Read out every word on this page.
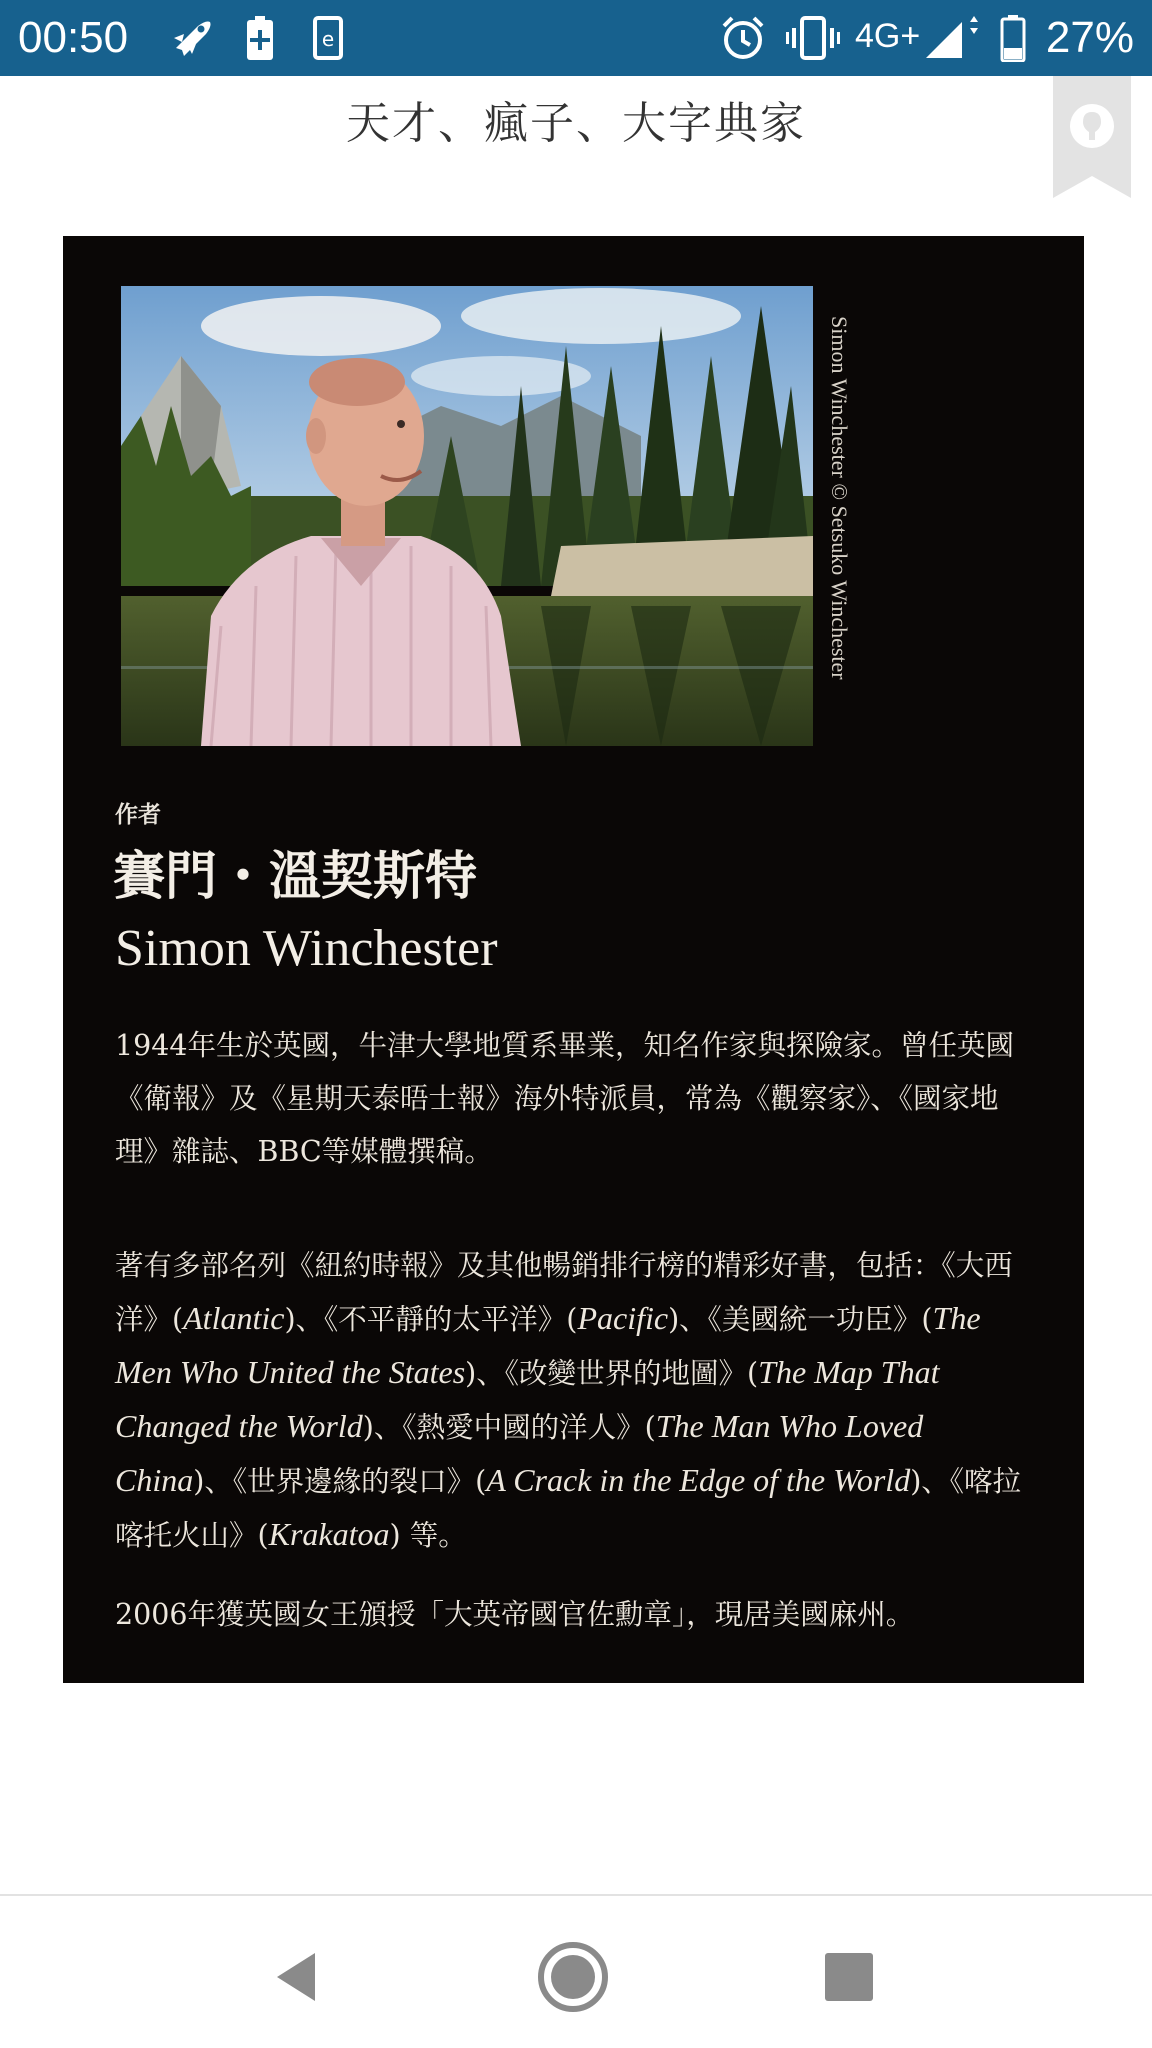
00:50	e	4G+	27%
天才、瘋子、大字典家
Simon Winchester © Setsuko Winchester
作者
賽門・溫契斯特
Simon Winchester
1944年生於英國，牛津大學地質系畢業，知名作家與探險家。曾任英國《衛報》及《星期天泰晤士報》海外特派員，常為《觀察家》、《國家地理》雜誌、BBC等媒體撰稿。
著有多部名列《紐約時報》及其他暢銷排行榜的精彩好書，包括：《大西洋》(Atlantic)、《不平靜的太平洋》(Pacific)、《美國統一功臣》(The Men Who United the States)、《改變世界的地圖》(The Map That Changed the World)、《熱愛中國的洋人》(The Man Who Loved China)、《世界邊緣的裂口》(A Crack in the Edge of the World)、《喀拉喀托火山》(Krakatoa) 等。
2006年獲英國女王頒授「大英帝國官佐勳章」，現居美國麻州。
